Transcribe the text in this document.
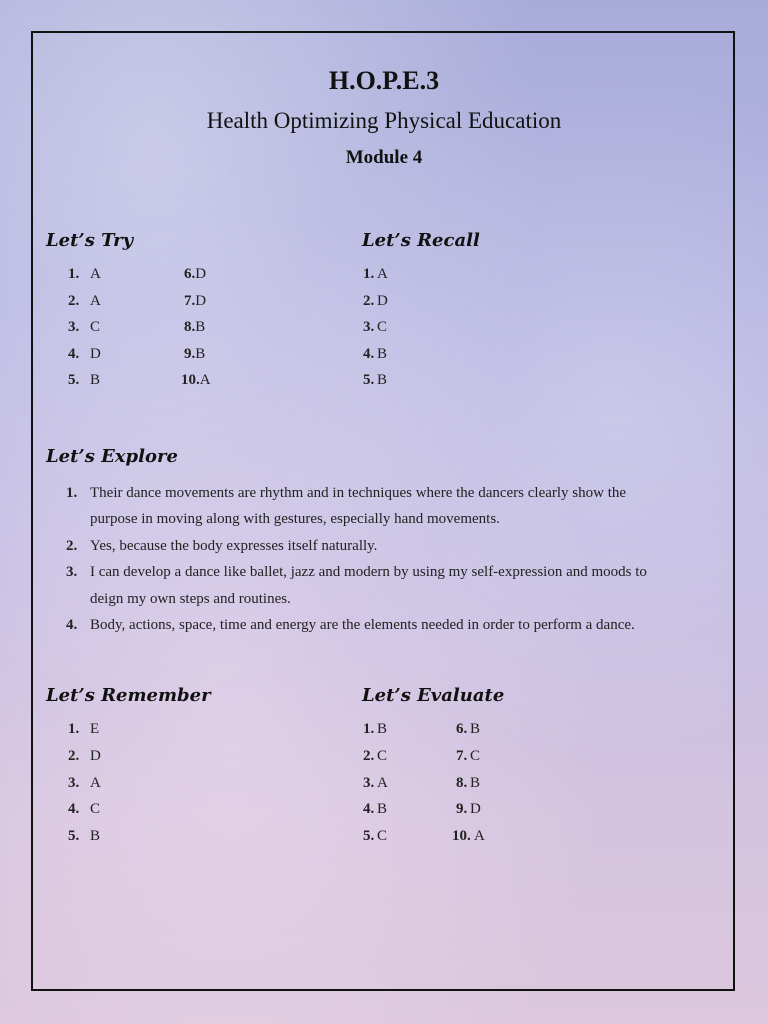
H.O.P.E.3
Health Optimizing Physical Education
Module 4
Let’s Try
1. A
2. A
3. C
4. D
5. B
6.D
7.D
8.B
9.B
10.A
Let’s Recall
1. A
2. D
3. C
4. B
5. B
Let’s Explore
1. Their dance movements are rhythm and in techniques where the dancers clearly show the
purpose in moving along with gestures, especially hand movements.
2. Yes, because the body expresses itself naturally.
3. I can develop a dance like ballet, jazz and modern by using my self-expression and moods to
deign my own steps and routines.
4. Body, actions, space, time and energy are the elements needed in order to perform a dance.
Let’s Remember
1. E
2. D
3. A
4. C
5. B
Let’s Evaluate
1. B
2. C
3. A
4. B
5. C
6. B
7. C
8. B
9. D
10. A
